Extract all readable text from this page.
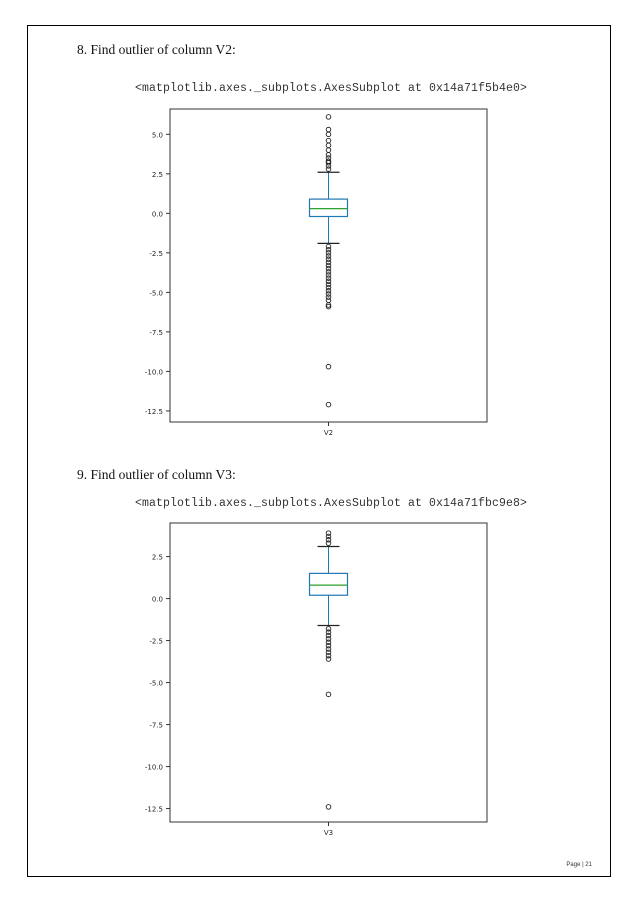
8. Find outlier of column V2:
<matplotlib.axes._subplots.AxesSubplot at 0x14a71f5b4e0>
5.0
2.5
0.0
-2.5
-5.0
-7.5
-10.0
-12.5
V2
9. Find outlier of column V3:
<matplotlib.axes._subplots.AxesSubplot at 0x14a71fbc9e8>
2.5
0.0
-2.5
-5.0
-7.5
-10.0
-12.5
V3
Page | 21
